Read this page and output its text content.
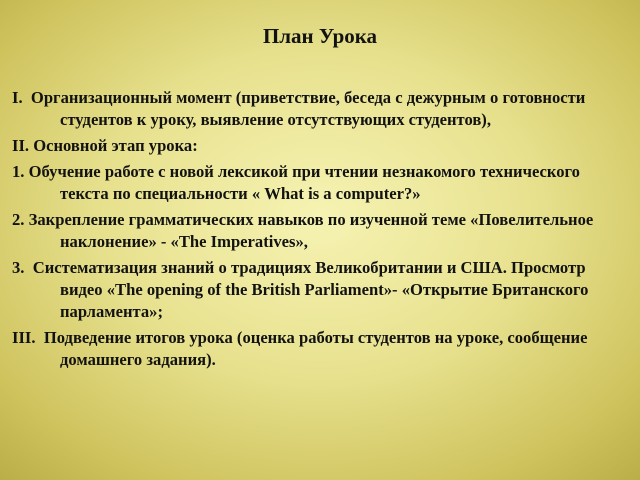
План Урока
I.  Организационный момент (приветствие, беседа с дежурным о готовности студентов к уроку, выявление отсутствующих студентов),
II. Основной этап урока:
1. Обучение работе с новой лексикой при чтении незнакомого технического текста по специальности « What is a computer?»
2. Закрепление грамматических навыков по изученной теме «Повелительное наклонение» - «The Imperatives»,
3.  Систематизация знаний о традициях Великобритании и США. Просмотр видео «The opening of the British Parliament»- «Открытие Британского парламента»;
III.  Подведение итогов урока (оценка работы студентов на уроке, сообщение домашнего задания).
